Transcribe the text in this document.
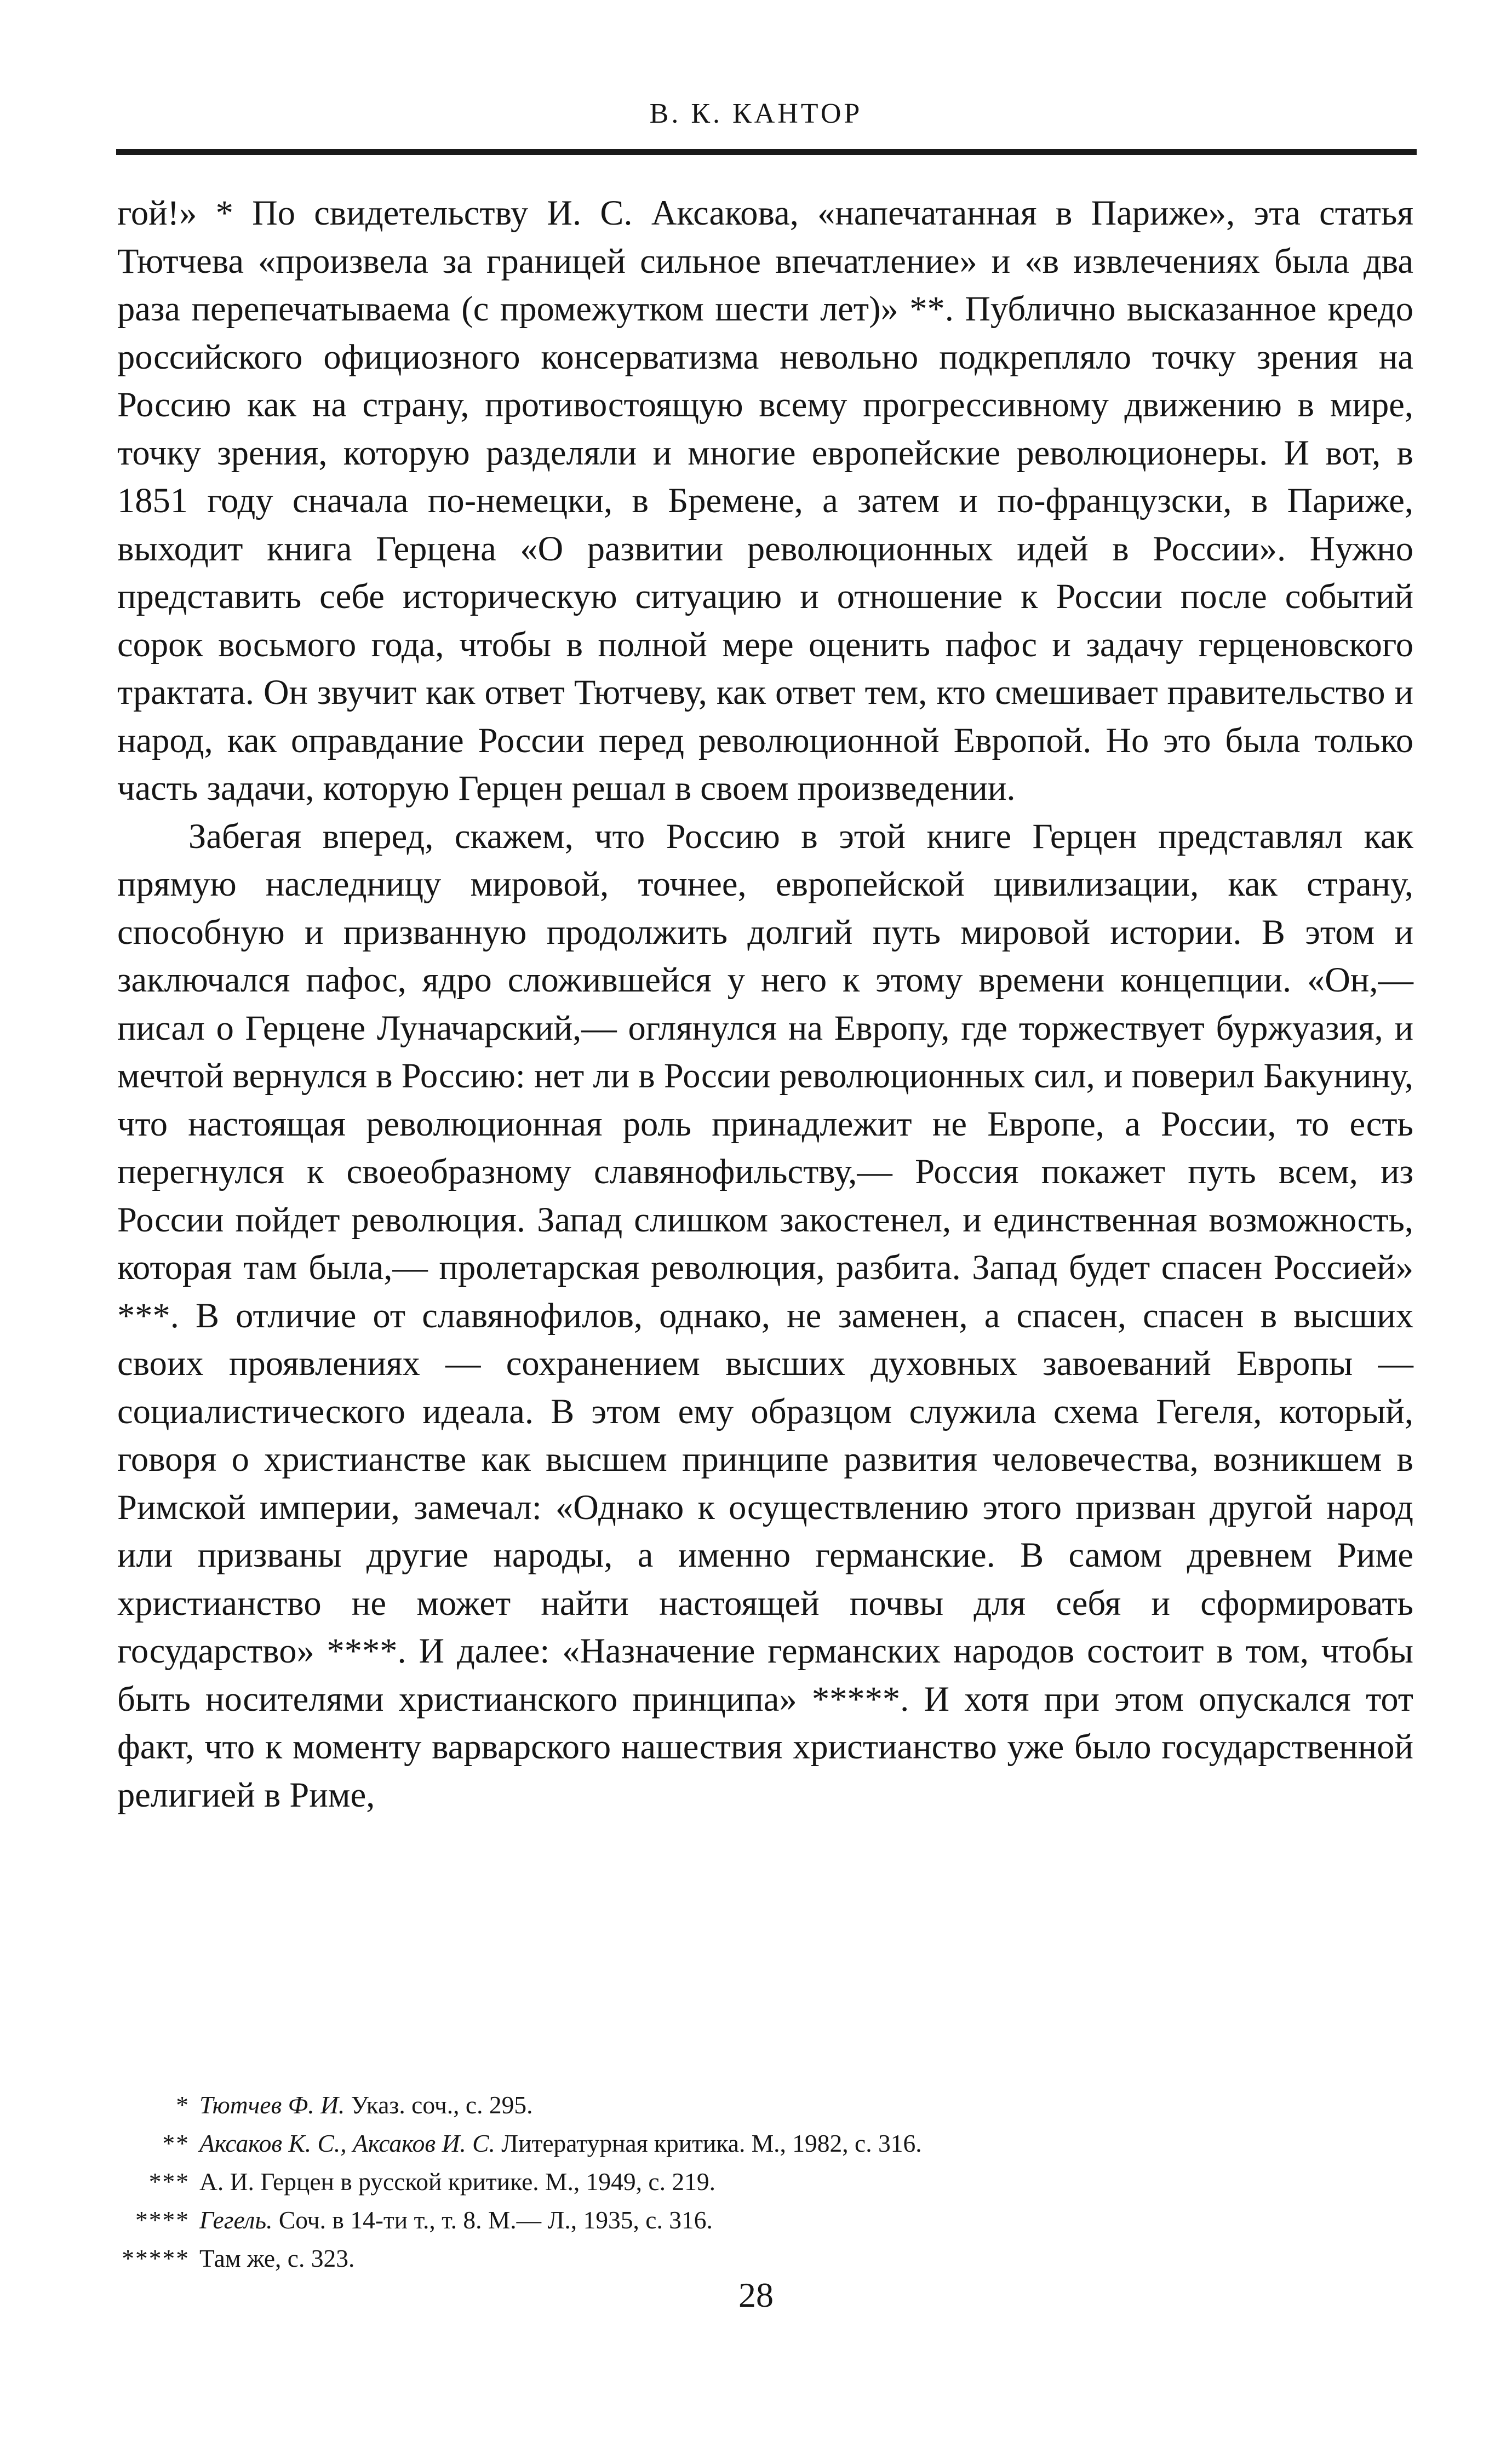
В. К. КАНТОР

гой!» * По свидетельству И. С. Аксакова, «напечатанная в Париже», эта статья Тютчева «произвела за границей сильное впечатление» и «в извлечениях была два раза перепечатываема (с промежутком шести лет)» **. Публично высказанное кредо российского официозного консерватизма невольно подкрепляло точку зрения на Россию как на страну, противостоящую всему прогрессивному движению в мире, точку зрения, которую разделяли и многие европейские революционеры. И вот, в 1851 году сначала по-немецки, в Бремене, а затем и по-французски, в Париже, выходит книга Герцена «О развитии революционных идей в России». Нужно представить себе историческую ситуацию и отношение к России после событий сорок восьмого года, чтобы в полной мере оценить пафос и задачу герценовского трактата. Он звучит как ответ Тютчеву, как ответ тем, кто смешивает правительство и народ, как оправдание России перед революционной Европой. Но это была только часть задачи, которую Герцен решал в своем произведении.

Забегая вперед, скажем, что Россию в этой книге Герцен представлял как прямую наследницу мировой, точнее, европейской цивилизации, как страну, способную и призванную продолжить долгий путь мировой истории. В этом и заключался пафос, ядро сложившейся у него к этому времени концепции. «Он,— писал о Герцене Луначарский,— оглянулся на Европу, где торжествует буржуазия, и мечтой вернулся в Россию: нет ли в России революционных сил, и поверил Бакунину, что настоящая революционная роль принадлежит не Европе, а России, то есть перегнулся к своеобразному славянофильству,— Россия покажет путь всем, из России пойдет революция. Запад слишком закостенел, и единственная возможность, которая там была,— пролетарская революция, разбита. Запад будет спасен Россией» ***. В отличие от славянофилов, однако, не заменен, а спасен, спасен в высших своих проявлениях — сохранением высших духовных завоеваний Европы — социалистического идеала. В этом ему образцом служила схема Гегеля, который, говоря о христианстве как высшем принципе развития человечества, возникшем в Римской империи, замечал: «Однако к осуществлению этого призван другой народ или призваны другие народы, а именно германские. В самом древнем Риме христианство не может найти настоящей почвы для себя и сформировать государство» ****. И далее: «Назначение германских народов состоит в том, чтобы быть носителями христианского принципа» *****. И хотя при этом опускался тот факт, что к моменту варварского нашествия христианство уже было государственной религией в Риме,

* Тютчев Ф. И. Указ. соч., с. 295.
** Аксаков К. С., Аксаков И. С. Литературная критика. М., 1982, с. 316.
*** А. И. Герцен в русской критике. М., 1949, с. 219.
**** Гегель. Соч. в 14-ти т., т. 8. М.— Л., 1935, с. 316.
***** Там же, с. 323.
28
